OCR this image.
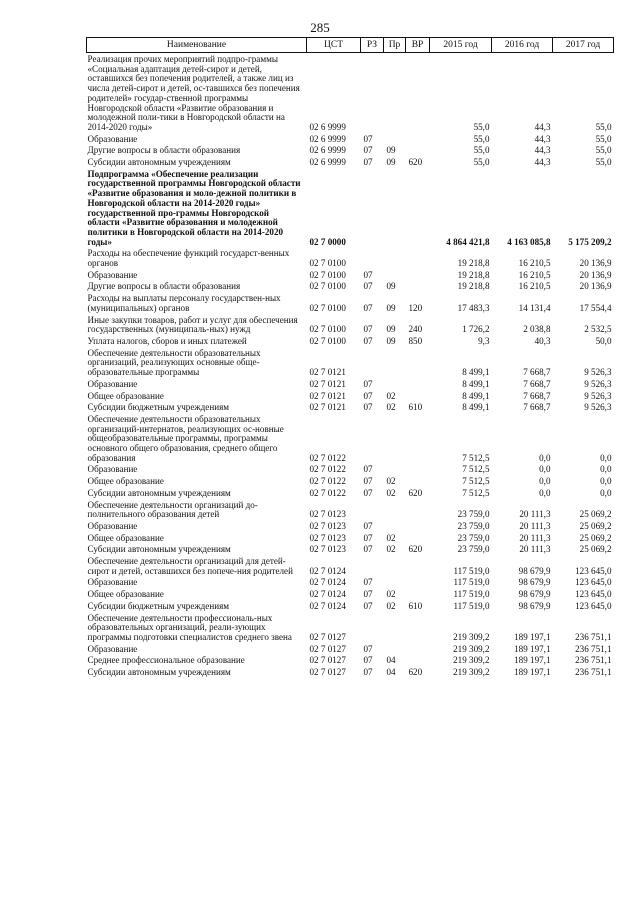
285
Наименование	ЦСТ	РЗ	Пр	ВР	2015 год	2016 год	2017 год
Реализация прочих мероприятий подпро-граммы «Социальная адаптация детей-сирот и детей, оставшихся без попечения родителей, а также лиц из числа детей-сирот и детей, ос-тавшихся без попечения родителей» государ-ственной программы Новгородской области «Развитие образования и молодежной поли-тики в Новгородской области на 2014-2020 годы»	02 6 9999				55,0	44,3	55,0
Образование	02 6 9999	07			55,0	44,3	55,0
Другие вопросы в области образования	02 6 9999	07	09		55,0	44,3	55,0
Субсидии автономным учреждениям	02 6 9999	07	09	620	55,0	44,3	55,0
Подпрограмма «Обеспечение реализации государственной программы Новгородской области «Развитие образования и моло-дежной политики в Новгородской области на 2014-2020 годы» государственной про-граммы Новгородской области «Развитие образования и молодежной политики в Новгородской области на 2014-2020 годы»	02 7 0000				4 864 421,8	4 163 085,8	5 175 209,2
Расходы на обеспечение функций государст-венных органов	02 7 0100				19 218,8	16 210,5	20 136,9
Образование	02 7 0100	07			19 218,8	16 210,5	20 136,9
Другие вопросы в области образования	02 7 0100	07	09		19 218,8	16 210,5	20 136,9
Расходы на выплаты персоналу государствен-ных (муниципальных) органов	02 7 0100	07	09	120	17 483,3	14 131,4	17 554,4
Иные закупки товаров, работ и услуг для обеспечения государственных (муниципаль-ных) нужд	02 7 0100	07	09	240	1 726,2	2 038,8	2 532,5
Уплата налогов, сборов и иных платежей	02 7 0100	07	09	850	9,3	40,3	50,0
Обеспечение деятельности образовательных организаций, реализующих основные обще-образовательные программы	02 7 0121				8 499,1	7 668,7	9 526,3
Образование	02 7 0121	07			8 499,1	7 668,7	9 526,3
Общее образование	02 7 0121	07	02		8 499,1	7 668,7	9 526,3
Субсидии бюджетным учреждениям	02 7 0121	07	02	610	8 499,1	7 668,7	9 526,3
Обеспечение деятельности образовательных организаций-интернатов, реализующих ос-новные общеобразовательные программы, программы основного общего образования, среднего общего образования	02 7 0122				7 512,5	0,0	0,0
Образование	02 7 0122	07			7 512,5	0,0	0,0
Общее образование	02 7 0122	07	02		7 512,5	0,0	0,0
Субсидии автономным учреждениям	02 7 0122	07	02	620	7 512,5	0,0	0,0
Обеспечение деятельности организаций до-полнительного образования детей	02 7 0123				23 759,0	20 111,3	25 069,2
Образование	02 7 0123	07			23 759,0	20 111,3	25 069,2
Общее образование	02 7 0123	07	02		23 759,0	20 111,3	25 069,2
Субсидии автономным учреждениям	02 7 0123	07	02	620	23 759,0	20 111,3	25 069,2
Обеспечение деятельности организаций для детей-сирот и детей, оставшихся без попече-ния родителей	02 7 0124				117 519,0	98 679,9	123 645,0
Образование	02 7 0124	07			117 519,0	98 679,9	123 645,0
Общее образование	02 7 0124	07	02		117 519,0	98 679,9	123 645,0
Субсидии бюджетным учреждениям	02 7 0124	07	02	610	117 519,0	98 679,9	123 645,0
Обеспечение деятельности профессиональ-ных образовательных организаций, реали-зующих программы подготовки специалистов среднего звена	02 7 0127				219 309,2	189 197,1	236 751,1
Образование	02 7 0127	07			219 309,2	189 197,1	236 751,1
Среднее профессиональное образование	02 7 0127	07	04		219 309,2	189 197,1	236 751,1
Субсидии автономным учреждениям	02 7 0127	07	04	620	219 309,2	189 197,1	236 751,1
